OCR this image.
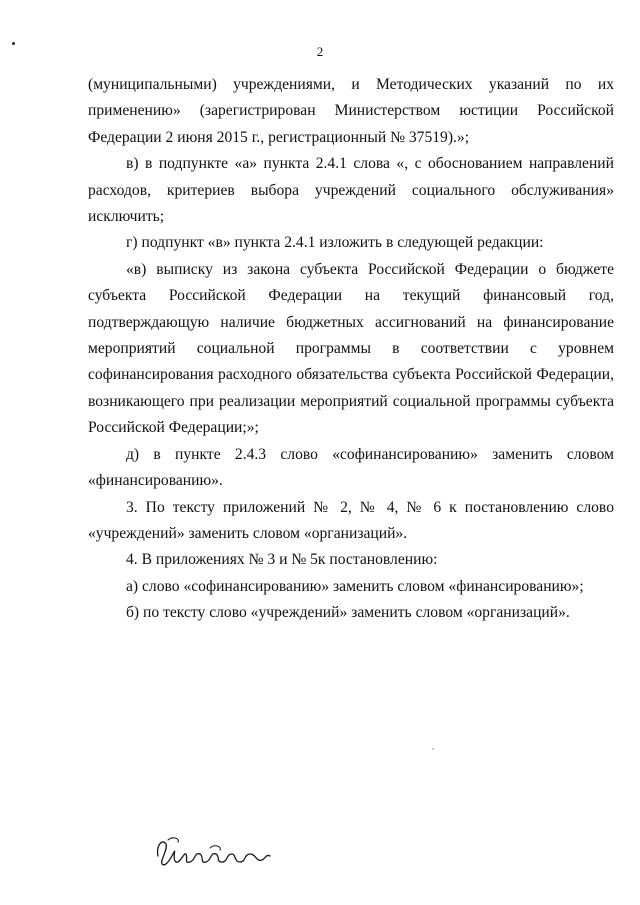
2

(муниципальными) учреждениями, и Методических указаний по их применению» (зарегистрирован Министерством юстиции Российской Федерации 2 июня 2015 г., регистрационный № 37519).»;

в) в подпункте «а» пункта 2.4.1 слова «, с обоснованием направлений расходов, критериев выбора учреждений социального обслуживания» исключить;

г) подпункт «в» пункта 2.4.1 изложить в следующей редакции:

«в) выписку из закона субъекта Российской Федерации о бюджете субъекта Российской Федерации на текущий финансовый год, подтверждающую наличие бюджетных ассигнований на финансирование мероприятий социальной программы в соответствии с уровнем софинансирования расходного обязательства субъекта Российской Федерации, возникающего при реализации мероприятий социальной программы субъекта Российской Федерации;»;

д) в пункте 2.4.3 слово «софинансированию» заменить словом «финансированию».

3. По тексту приложений № 2, № 4, № 6 к постановлению слово «учреждений» заменить словом «организаций».

4. В приложениях № 3 и № 5к постановлению:

а) слово «софинансированию» заменить словом «финансированию»;

б) по тексту слово «учреждений» заменить словом «организаций».
